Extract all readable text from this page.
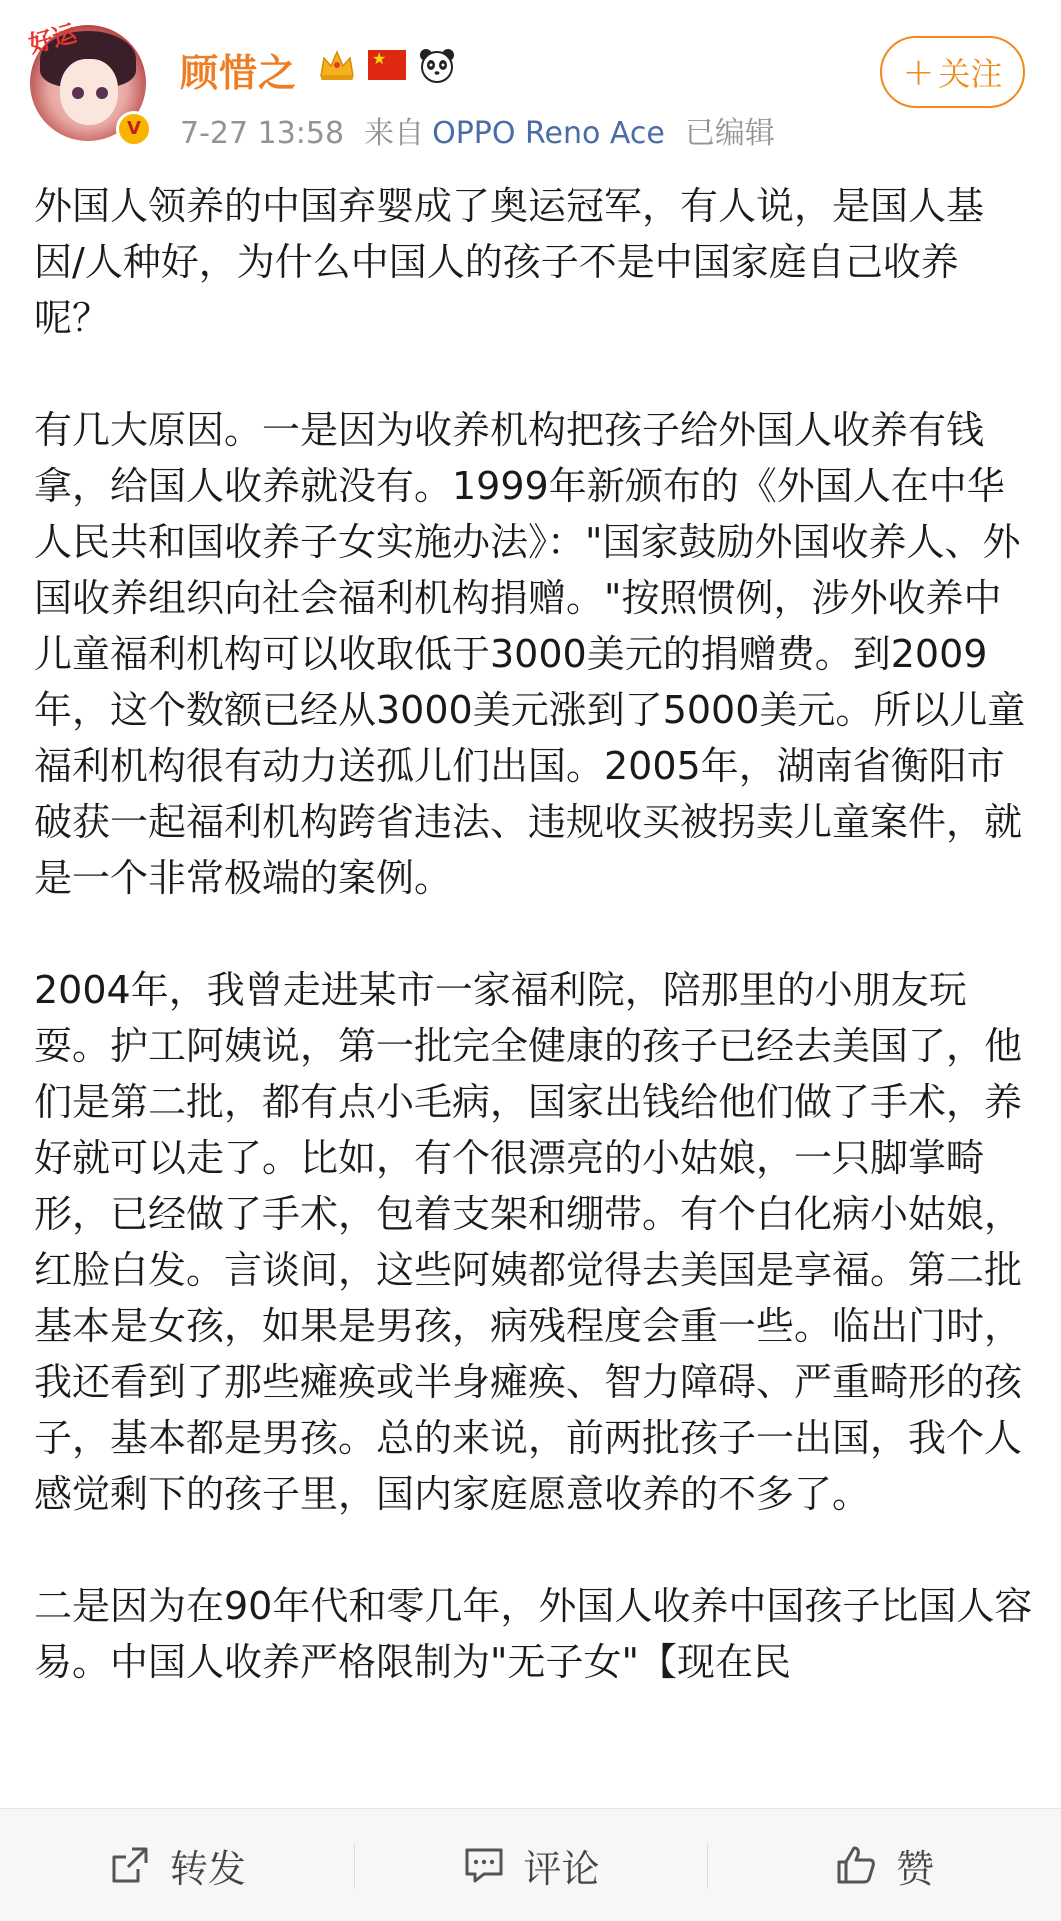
好运
V
顾惜之
★
7-27 13:58 来自 OPPO Reno Ace 已编辑
+ 关注

外国人领养的中国弃婴成了奥运冠军，有人说，是国人基因/人种好，为什么中国人的孩子不是中国家庭自己收养呢？

有几大原因。一是因为收养机构把孩子给外国人收养有钱拿，给国人收养就没有。1999年新颁布的《外国人在中华人民共和国收养子女实施办法》："国家鼓励外国收养人、外国收养组织向社会福利机构捐赠。"按照惯例，涉外收养中儿童福利机构可以收取低于3000美元的捐赠费。到2009年，这个数额已经从3000美元涨到了5000美元。所以儿童福利机构很有动力送孤儿们出国。2005年，湖南省衡阳市破获一起福利机构跨省违法、违规收买被拐卖儿童案件，就是一个非常极端的案例。

2004年，我曾走进某市一家福利院，陪那里的小朋友玩耍。护工阿姨说，第一批完全健康的孩子已经去美国了，他们是第二批，都有点小毛病，国家出钱给他们做了手术，养好就可以走了。比如，有个很漂亮的小姑娘，一只脚掌畸形，已经做了手术，包着支架和绷带。有个白化病小姑娘，红脸白发。言谈间，这些阿姨都觉得去美国是享福。第二批基本是女孩，如果是男孩，病残程度会重一些。临出门时，我还看到了那些瘫痪或半身瘫痪、智力障碍、严重畸形的孩子，基本都是男孩。总的来说，前两批孩子一出国，我个人感觉剩下的孩子里，国内家庭愿意收养的不多了。

二是因为在90年代和零几年，外国人收养中国孩子比国人容易。中国人收养严格限制为"无子女"【现在民

转发	评论	赞
